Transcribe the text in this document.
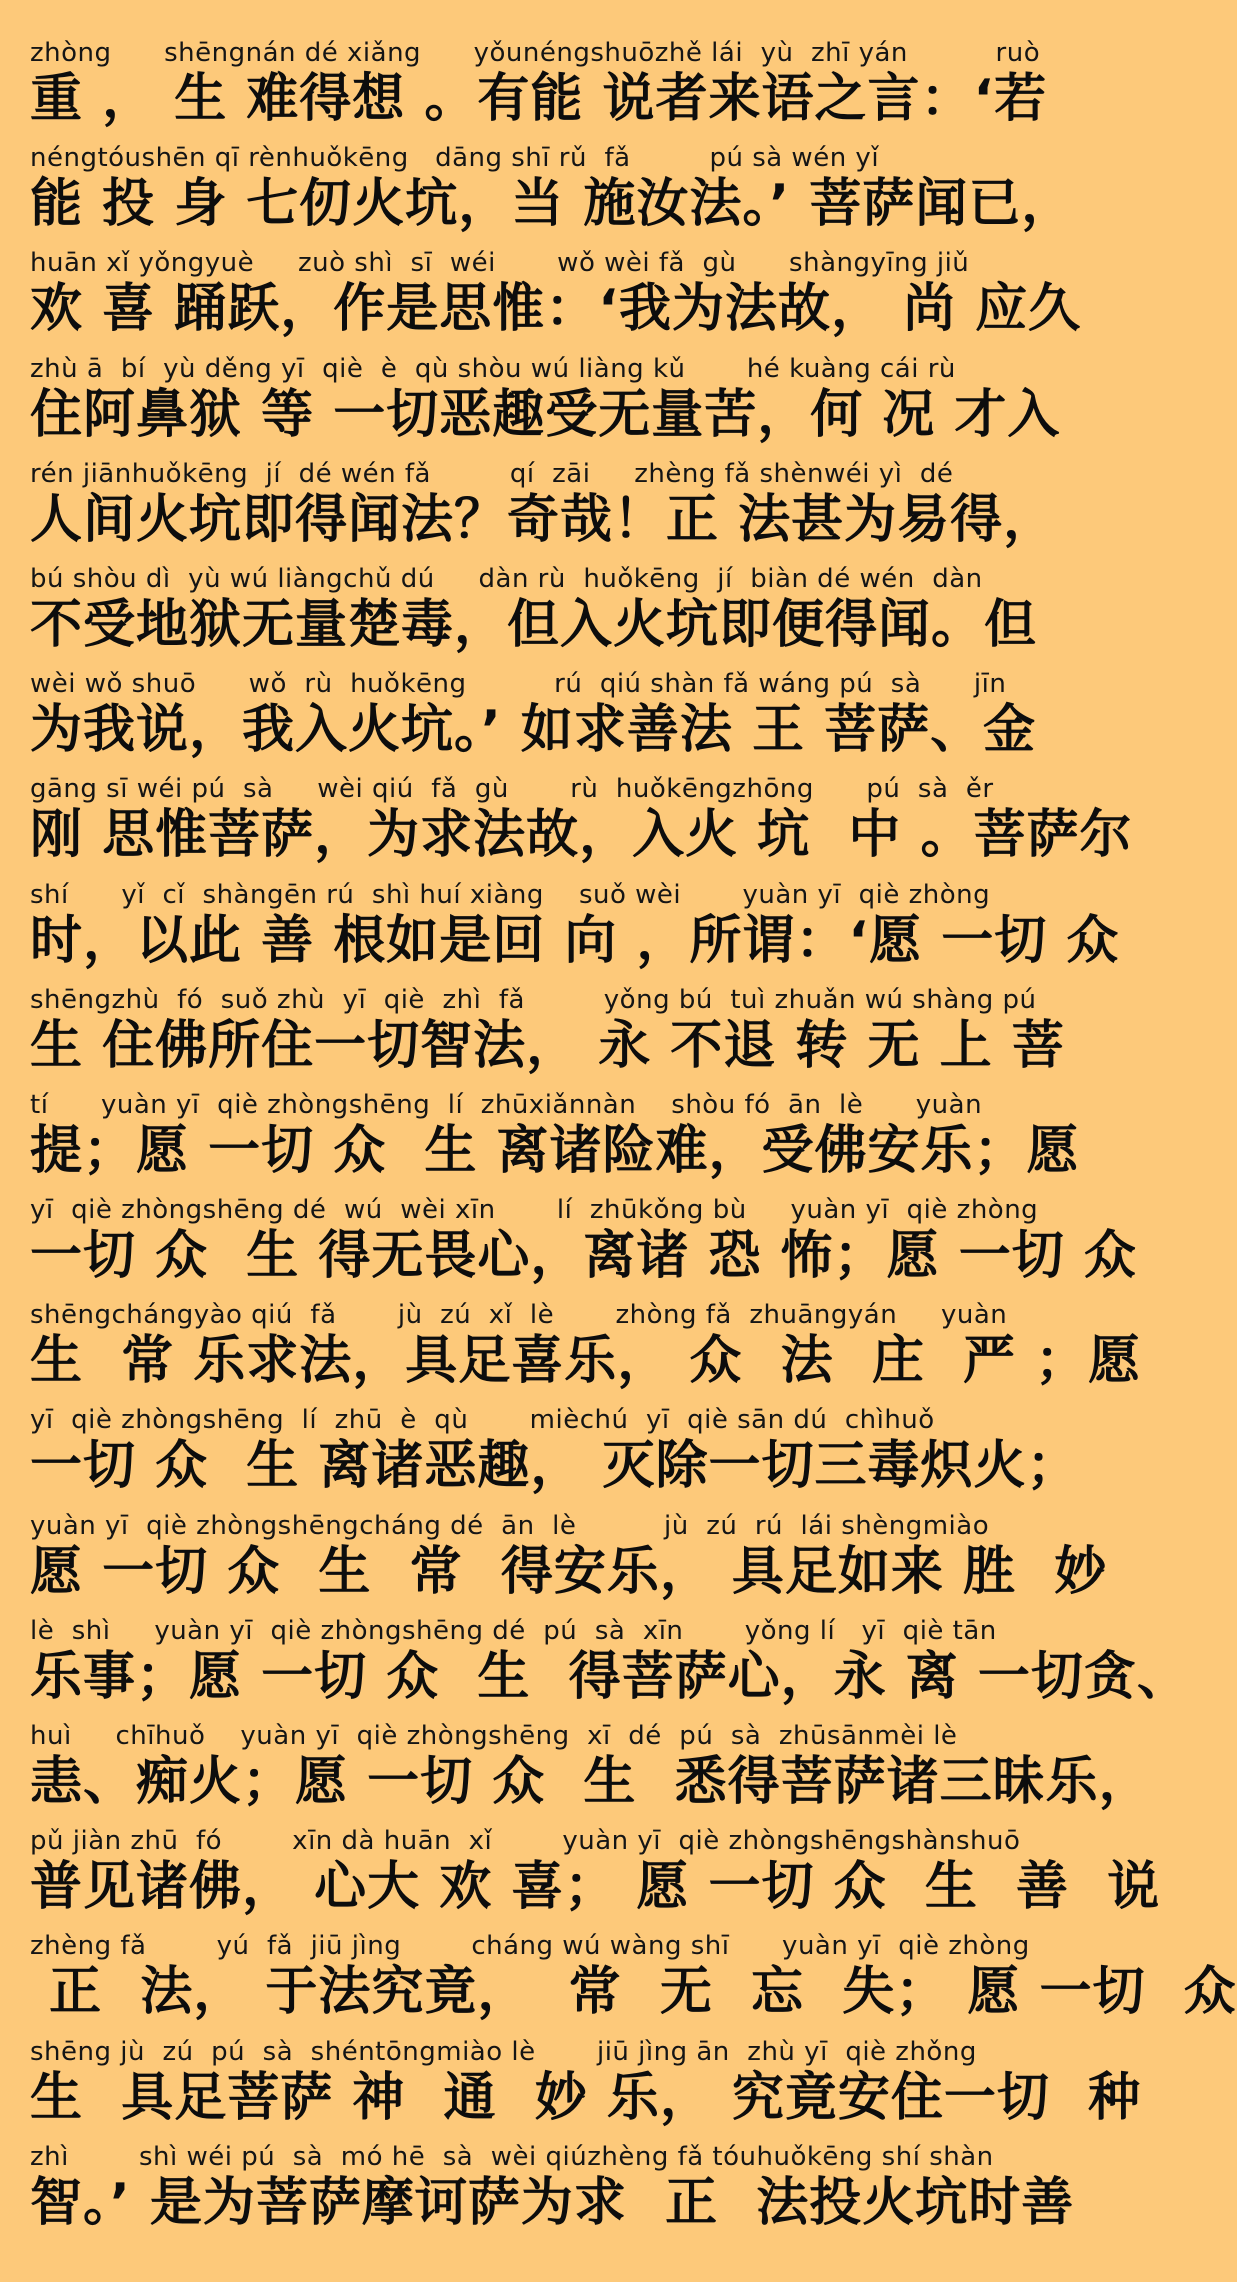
zhòng      shēngnán dé xiǎng      yǒunéngshuōzhě lái  yù  zhī yán          ruò
重 ， 生 难得想 。有能 说者来语之言：‘若
néngtóushēn qī rènhuǒkēng   dāng shī rǔ  fǎ         pú sà wén yǐ
能 投 身 七仞火坑，当 施汝法。’ 菩萨闻已，
huān xǐ yǒngyuè     zuò shì  sī  wéi       wǒ wèi fǎ  gù      shàngyīng jiǔ
欢 喜 踊跃，作是思惟：‘我为法故， 尚 应久
zhù ā  bí  yù děng yī  qiè  è  qù shòu wú liàng kǔ       hé kuàng cái rù
住阿鼻狱 等 一切恶趣受无量苦，何 况 才入
rén jiānhuǒkēng  jí  dé wén fǎ         qí  zāi     zhèng fǎ shènwéi yì  dé
人间火坑即得闻法？奇哉！正 法甚为易得，
bú shòu dì  yù wú liàngchǔ dú     dàn rù  huǒkēng  jí  biàn dé wén  dàn
不受地狱无量楚毒，但入火坑即便得闻。但
wèi wǒ shuō      wǒ  rù  huǒkēng          rú  qiú shàn fǎ wáng pú  sà      jīn
为我说，我入火坑。’ 如求善法 王 菩萨、金
gāng sī wéi pú  sà     wèi qiú  fǎ  gù       rù  huǒkēngzhōng      pú  sà  ěr
刚 思惟菩萨，为求法故，入火 坑  中 。菩萨尔
shí      yǐ  cǐ  shàngēn rú  shì huí xiàng    suǒ wèi       yuàn yī  qiè zhòng
时，以此 善 根如是回 向 ，所谓：‘愿 一切 众
shēngzhù  fó  suǒ zhù  yī  qiè  zhì  fǎ         yǒng bú  tuì zhuǎn wú shàng pú
生 住佛所住一切智法， 永 不退 转 无 上 菩
tí      yuàn yī  qiè zhòngshēng  lí  zhūxiǎnnàn    shòu fó  ān  lè      yuàn
提；愿 一切 众  生 离诸险难，受佛安乐；愿
yī  qiè zhòngshēng dé  wú  wèi xīn       lí  zhūkǒng bù     yuàn yī  qiè zhòng
一切 众  生 得无畏心，离诸 恐 怖；愿 一切 众
shēngchángyào qiú  fǎ       jù  zú  xǐ  lè       zhòng fǎ  zhuāngyán     yuàn
生  常 乐求法，具足喜乐， 众  法  庄  严 ；愿
yī  qiè zhòngshēng  lí  zhū  è  qù       mièchú  yī  qiè sān dú  chìhuǒ
一切 众  生 离诸恶趣， 灭除一切三毒炽火；
yuàn yī  qiè zhòngshēngcháng dé  ān  lè          jù  zú  rú  lái shèngmiào
愿 一切 众  生  常  得安乐， 具足如来 胜  妙
lè  shì     yuàn yī  qiè zhòngshēng dé  pú  sà  xīn       yǒng lí   yī  qiè tān
乐事；愿 一切 众  生  得菩萨心，永 离 一切贪、
huì     chīhuǒ    yuàn yī  qiè zhòngshēng  xī  dé  pú  sà  zhūsānmèi lè
恚、痴火；愿 一切 众  生  悉得菩萨诸三昧乐，
pǔ jiàn zhū  fó        xīn dà huān  xǐ        yuàn yī  qiè zhòngshēngshànshuō
普见诸佛， 心大 欢 喜； 愿 一切 众  生  善  说
zhèng fǎ        yú  fǎ  jiū jìng        cháng wú wàng shī      yuàn yī  qiè zhòng
正  法， 于法究竟，  常  无  忘  失； 愿 一切  众
shēng jù  zú  pú  sà  shéntōngmiào lè       jiū jìng ān  zhù yī  qiè zhǒng
生  具足菩萨 神  通  妙 乐， 究竟安住一切  种
zhì        shì wéi pú  sà  mó hē  sà  wèi qiúzhèng fǎ tóuhuǒkēng shí shàn
智。’ 是为菩萨摩诃萨为求  正  法投火坑时善
